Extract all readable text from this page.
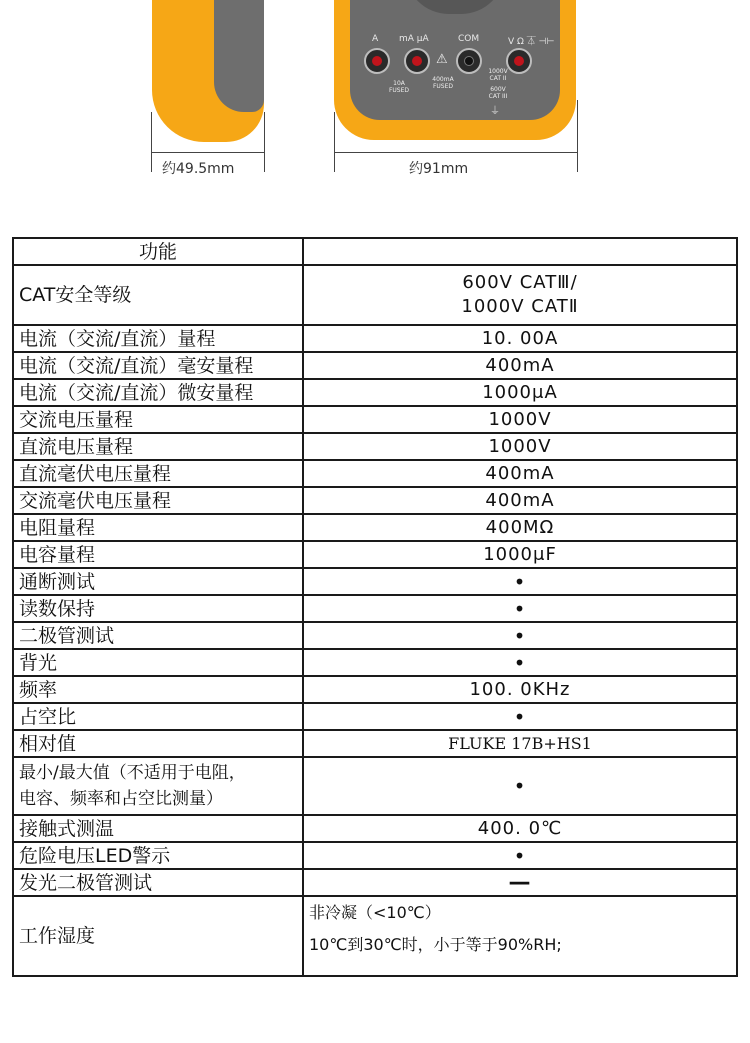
A mA μA	COM	V Ω ⏄ ⊣⊢
⚠
10A FUSED
400mA FUSED
1000V CAT II
600V CAT III
⏚
约49.5mm	约91mm
功能	
CAT安全等级	600V CATⅢ/
1000V CATⅡ

电流（交流/直流）量程	10. 00A
电流（交流/直流）毫安量程	400mA
电流（交流/直流）微安量程	1000μA
交流电压量程	1000V
直流电压量程	1000V
直流毫伏电压量程	400mA
交流毫伏电压量程	400mA
电阻量程	400MΩ
电容量程	1000μF
通断测试	•
读数保持	•
二极管测试	•
背光	•
频率	100. 0KHz
占空比	•
相对值	FLUKE 17B+HS1

最小/最大值（不适用于电阻，
电容、频率和占空比测量）	•
接触式测温	400. 0℃
危险电压LED警示	•
发光二极管测试	—
工作湿度	非冷凝（<10℃）
10℃到30℃时，小于等于90%RH;
